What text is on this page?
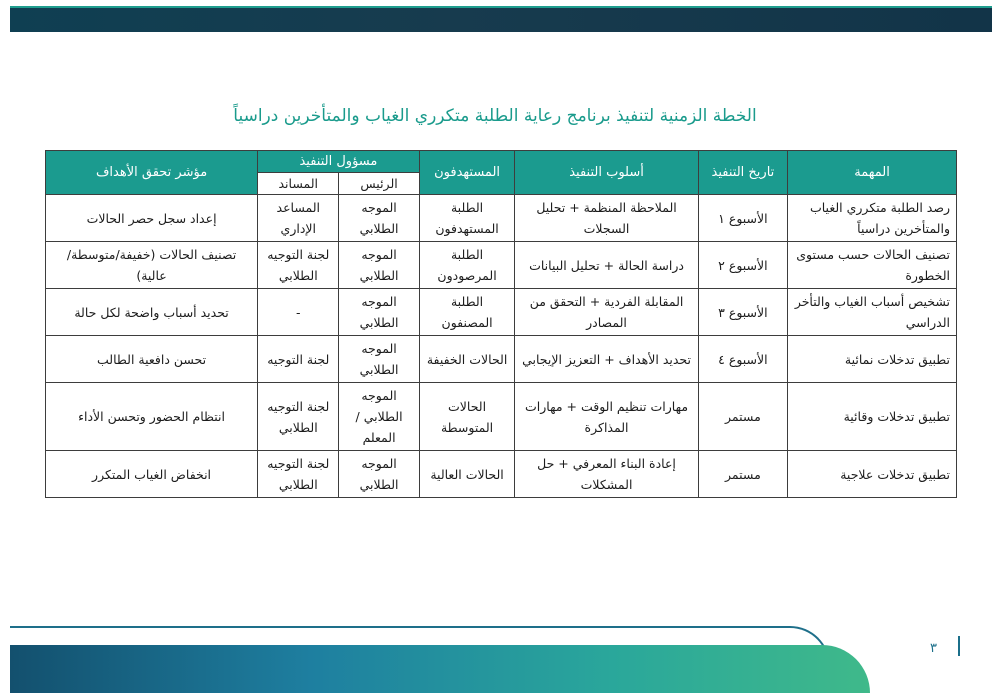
الخطة الزمنية لتنفيذ برنامج رعاية الطلبة متكرري الغياب والمتأخرين دراسياً
المهمة	تاريخ التنفيذ	أسلوب التنفيذ	المستهدفون	مسؤول التنفيذ		مؤشر تحقق الأهداف
				الرئيس	المساند	
رصد الطلبة متكرري الغياب والمتأخرين دراسياً	الأسبوع ١	الملاحظة المنظمة + تحليل السجلات	الطلبة المستهدفون	الموجه الطلابي	المساعد الإداري	إعداد سجل حصر الحالات
تصنيف الحالات حسب مستوى الخطورة	الأسبوع ٢	دراسة الحالة + تحليل البيانات	الطلبة المرصودون	الموجه الطلابي	لجنة التوجيه الطلابي	تصنيف الحالات (خفيفة/متوسطة/عالية)
تشخيص أسباب الغياب والتأخر الدراسي	الأسبوع ٣	المقابلة الفردية + التحقق من المصادر	الطلبة المصنفون	الموجه الطلابي	-	تحديد أسباب واضحة لكل حالة
تطبيق تدخلات نمائية	الأسبوع ٤	تحديد الأهداف + التعزيز الإيجابي	الحالات الخفيفة	الموجه الطلابي	لجنة التوجيه	تحسن دافعية الطالب
تطبيق تدخلات وقائية	مستمر	مهارات تنظيم الوقت + مهارات المذاكرة	الحالات المتوسطة	الموجه الطلابي / المعلم	لجنة التوجيه الطلابي	انتظام الحضور وتحسن الأداء
تطبيق تدخلات علاجية	مستمر	إعادة البناء المعرفي + حل المشكلات	الحالات العالية	الموجه الطلابي	لجنة التوجيه الطلابي	انخفاض الغياب المتكرر
٣
